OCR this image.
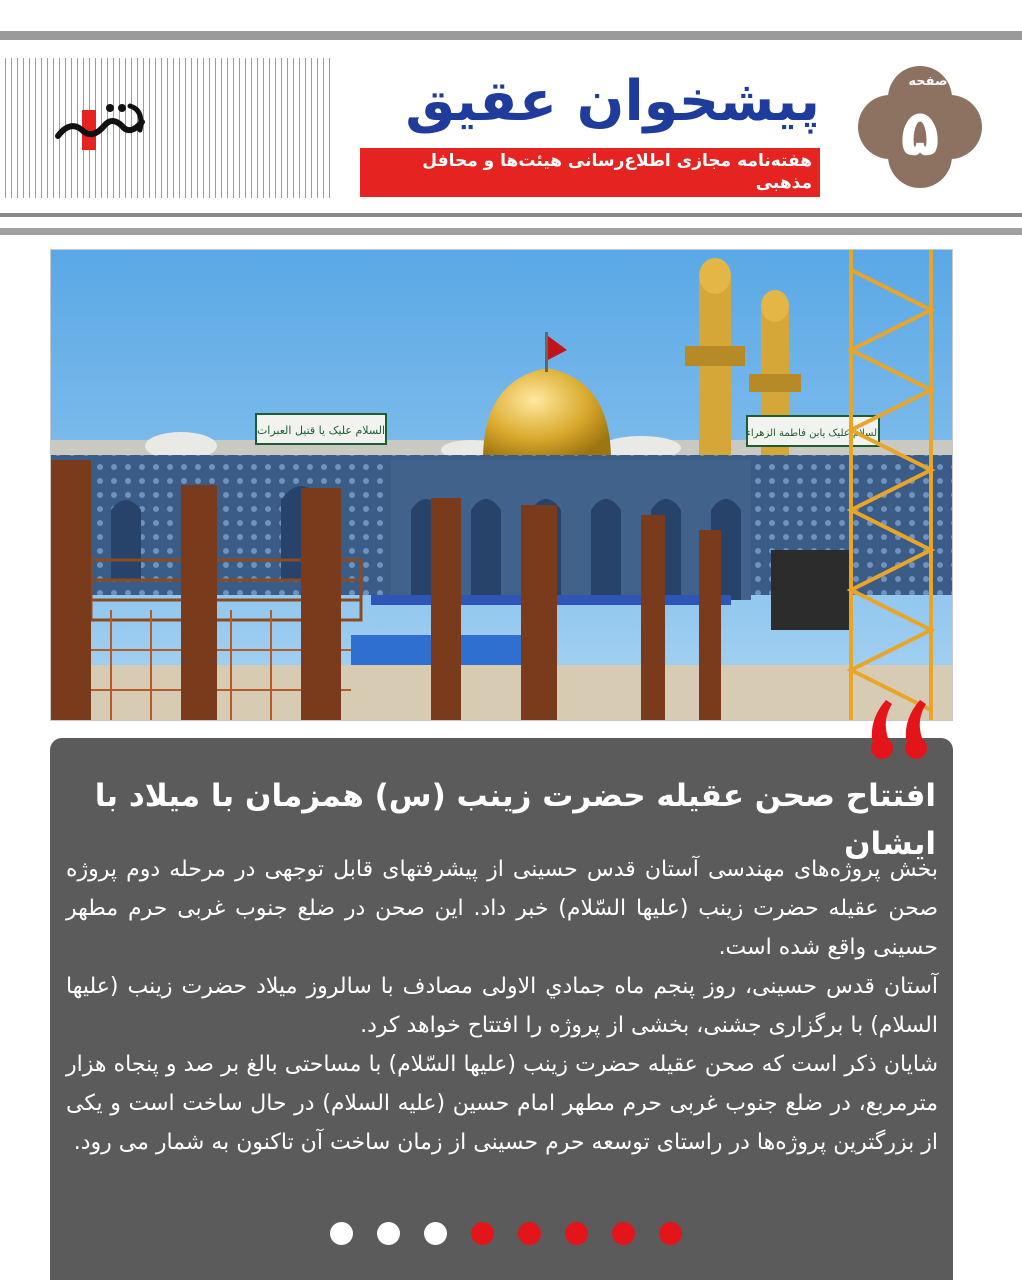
پیشخوان عقیق
هفته‌نامه مجازی اطلاع‌رسانی هیئت‌ها و محافل مذهبی
صفحه
۵
السلام علیک یا قتیل العبرات	السلام علیک یابن فاطمة الزهراء
افتتاح صحن عقیله حضرت زینب (س) همزمان با میلاد با ایشان

بخش پروژه‌های مهندسی آستان قدس حسینی از پیشرفتهای قابل توجهی در مرحله دوم پروژه صحن عقیله حضرت زینب (علیها السّلام) خبر داد. این صحن در ضلع جنوب غربی حرم مطهر حسینی واقع شده است.

آستان قدس حسینی، روز پنجم ماه جمادي الاولى مصادف با سالروز میلاد حضرت زینب (علیها السلام) با برگزاری جشنی، بخشی از پروژه را افتتاح خواهد کرد.

شایان ذکر است که صحن عقیله حضرت زینب (علیها السّلام) با مساحتی بالغ بر صد و پنجاه هزار مترمربع، در ضلع جنوب غربی حرم مطهر امام حسین (علیه السلام) در حال ساخت است و یکی از بزرگترین پروژه‌ها در راستای توسعه حرم حسینی از زمان ساخت آن تاکنون به شمار می رود.
